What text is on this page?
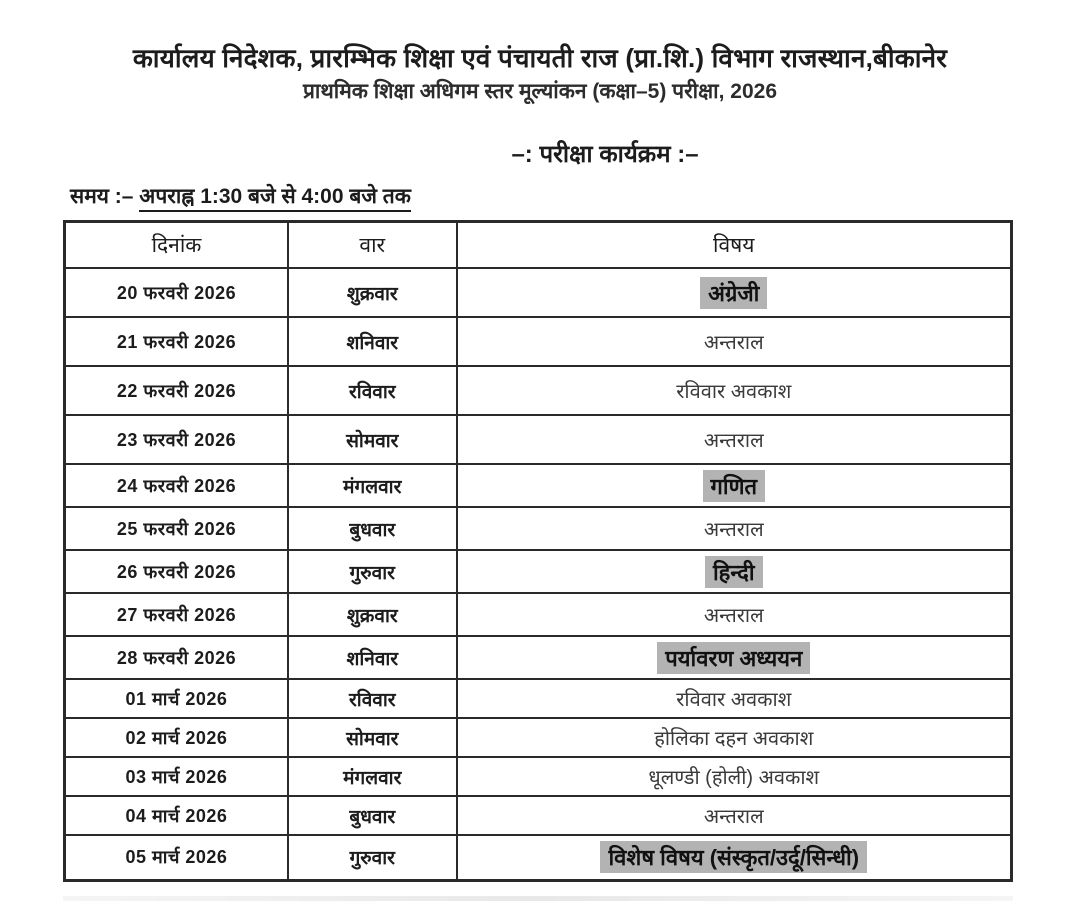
कार्यालय निदेशक, प्रारम्भिक शिक्षा एवं पंचायती राज (प्रा.शि.) विभाग राजस्थान,बीकानेर

प्राथमिक शिक्षा अधिगम स्तर मूल्यांकन (कक्षा–5) परीक्षा, 2026

–: परीक्षा कार्यक्रम :–

समय :– अपराह्न 1:30 बजे से 4:00 बजे तक

दिनांक	वार	विषय
20 फरवरी 2026	शुक्रवार	अंग्रेजी
21 फरवरी 2026	शनिवार	अन्तराल
22 फरवरी 2026	रविवार	रविवार अवकाश
23 फरवरी 2026	सोमवार	अन्तराल
24 फरवरी 2026	मंगलवार	गणित
25 फरवरी 2026	बुधवार	अन्तराल
26 फरवरी 2026	गुरुवार	हिन्दी
27 फरवरी 2026	शुक्रवार	अन्तराल
28 फरवरी 2026	शनिवार	पर्यावरण अध्ययन
01 मार्च 2026	रविवार	रविवार अवकाश
02 मार्च 2026	सोमवार	होलिका दहन अवकाश
03 मार्च 2026	मंगलवार	धूलण्डी (होली) अवकाश
04 मार्च 2026	बुधवार	अन्तराल
05 मार्च 2026	गुरुवार	विशेष विषय (संस्कृत/उर्दू/सिन्धी)
